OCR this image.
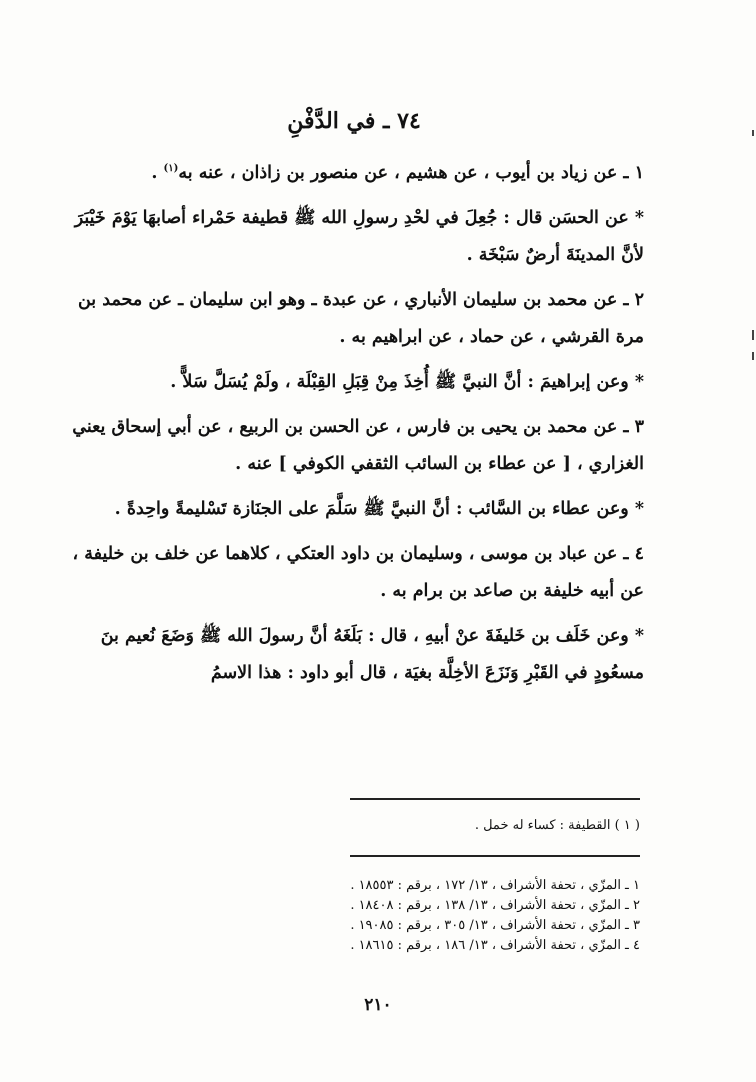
٧٤ ـ في الدَّفْنِ

١ ـ عن زياد بن أيوب ، عن هشيم ، عن منصور بن زاذان ، عنه به$^{(١)}$ .

* عن الحسَن قال : جُعِلَ في لحْدِ رسولِ الله ﷺ قطيفة حَمْراء أصابهَا يَوْمَ خَيْبَرَ لأنَّ المدينَةَ أرضٌ سَبْخَة .

٢ ـ عن محمد بن سليمان الأنباري ، عن عبدة ـ وهو ابن سليمان ـ عن محمد بن مرة القرشي ، عن حماد ، عن ابراهيم به .

* وعن إبراهيمَ : أنَّ النبيَّ ﷺ أُخِذَ مِنْ قِبَلِ القِبْلَة ، ولَمْ يُسَلَّ سَلاًّ .

٣ ـ عن محمد بن يحيى بن فارس ، عن الحسن بن الربيع ، عن أبي إسحاق يعني الغزاري ، [ عن عطاء بن السائب الثقفي الكوفي ] عنه .

* وعن عطاء بن السَّائب : أنَّ النبيَّ ﷺ سَلَّمَ على الجنَازة تَسْليمةً واحِدةً .

٤ ـ عن عباد بن موسى ، وسليمان بن داود العتكي ، كلاهما عن خلف بن خليفة ، عن أبيه خليفة بن صاعد بن برام به .

* وعن خَلَف بن خَليفَةَ عنْ أبيهِ ، قال : بَلَغَهُ أنَّ رسولَ الله ﷺ وَضَعَ نُعيم بنَ مسعُودٍ في القَبْرِ وَنَزَعَ الأخِلَّة بغيَة ، قال أبو داود : هذا الاسمُ

( ١ ) القطيفة : كساء له خمل .
١ ـ المزّي ، تحفة الأشراف ، ١٣/ ١٧٢ ، برقم : ١٨٥٥٣ .
٢ ـ المزّي ، تحفة الأشراف ، ١٣/ ١٣٨ ، برقم : ١٨٤٠٨ .
٣ ـ المزّي ، تحفة الأشراف ، ١٣/ ٣٠٥ ، برقم : ١٩٠٨٥ .
٤ ـ المزّي ، تحفة الأشراف ، ١٣/ ١٨٦ ، برقم : ١٨٦١٥ .
٢١٠
